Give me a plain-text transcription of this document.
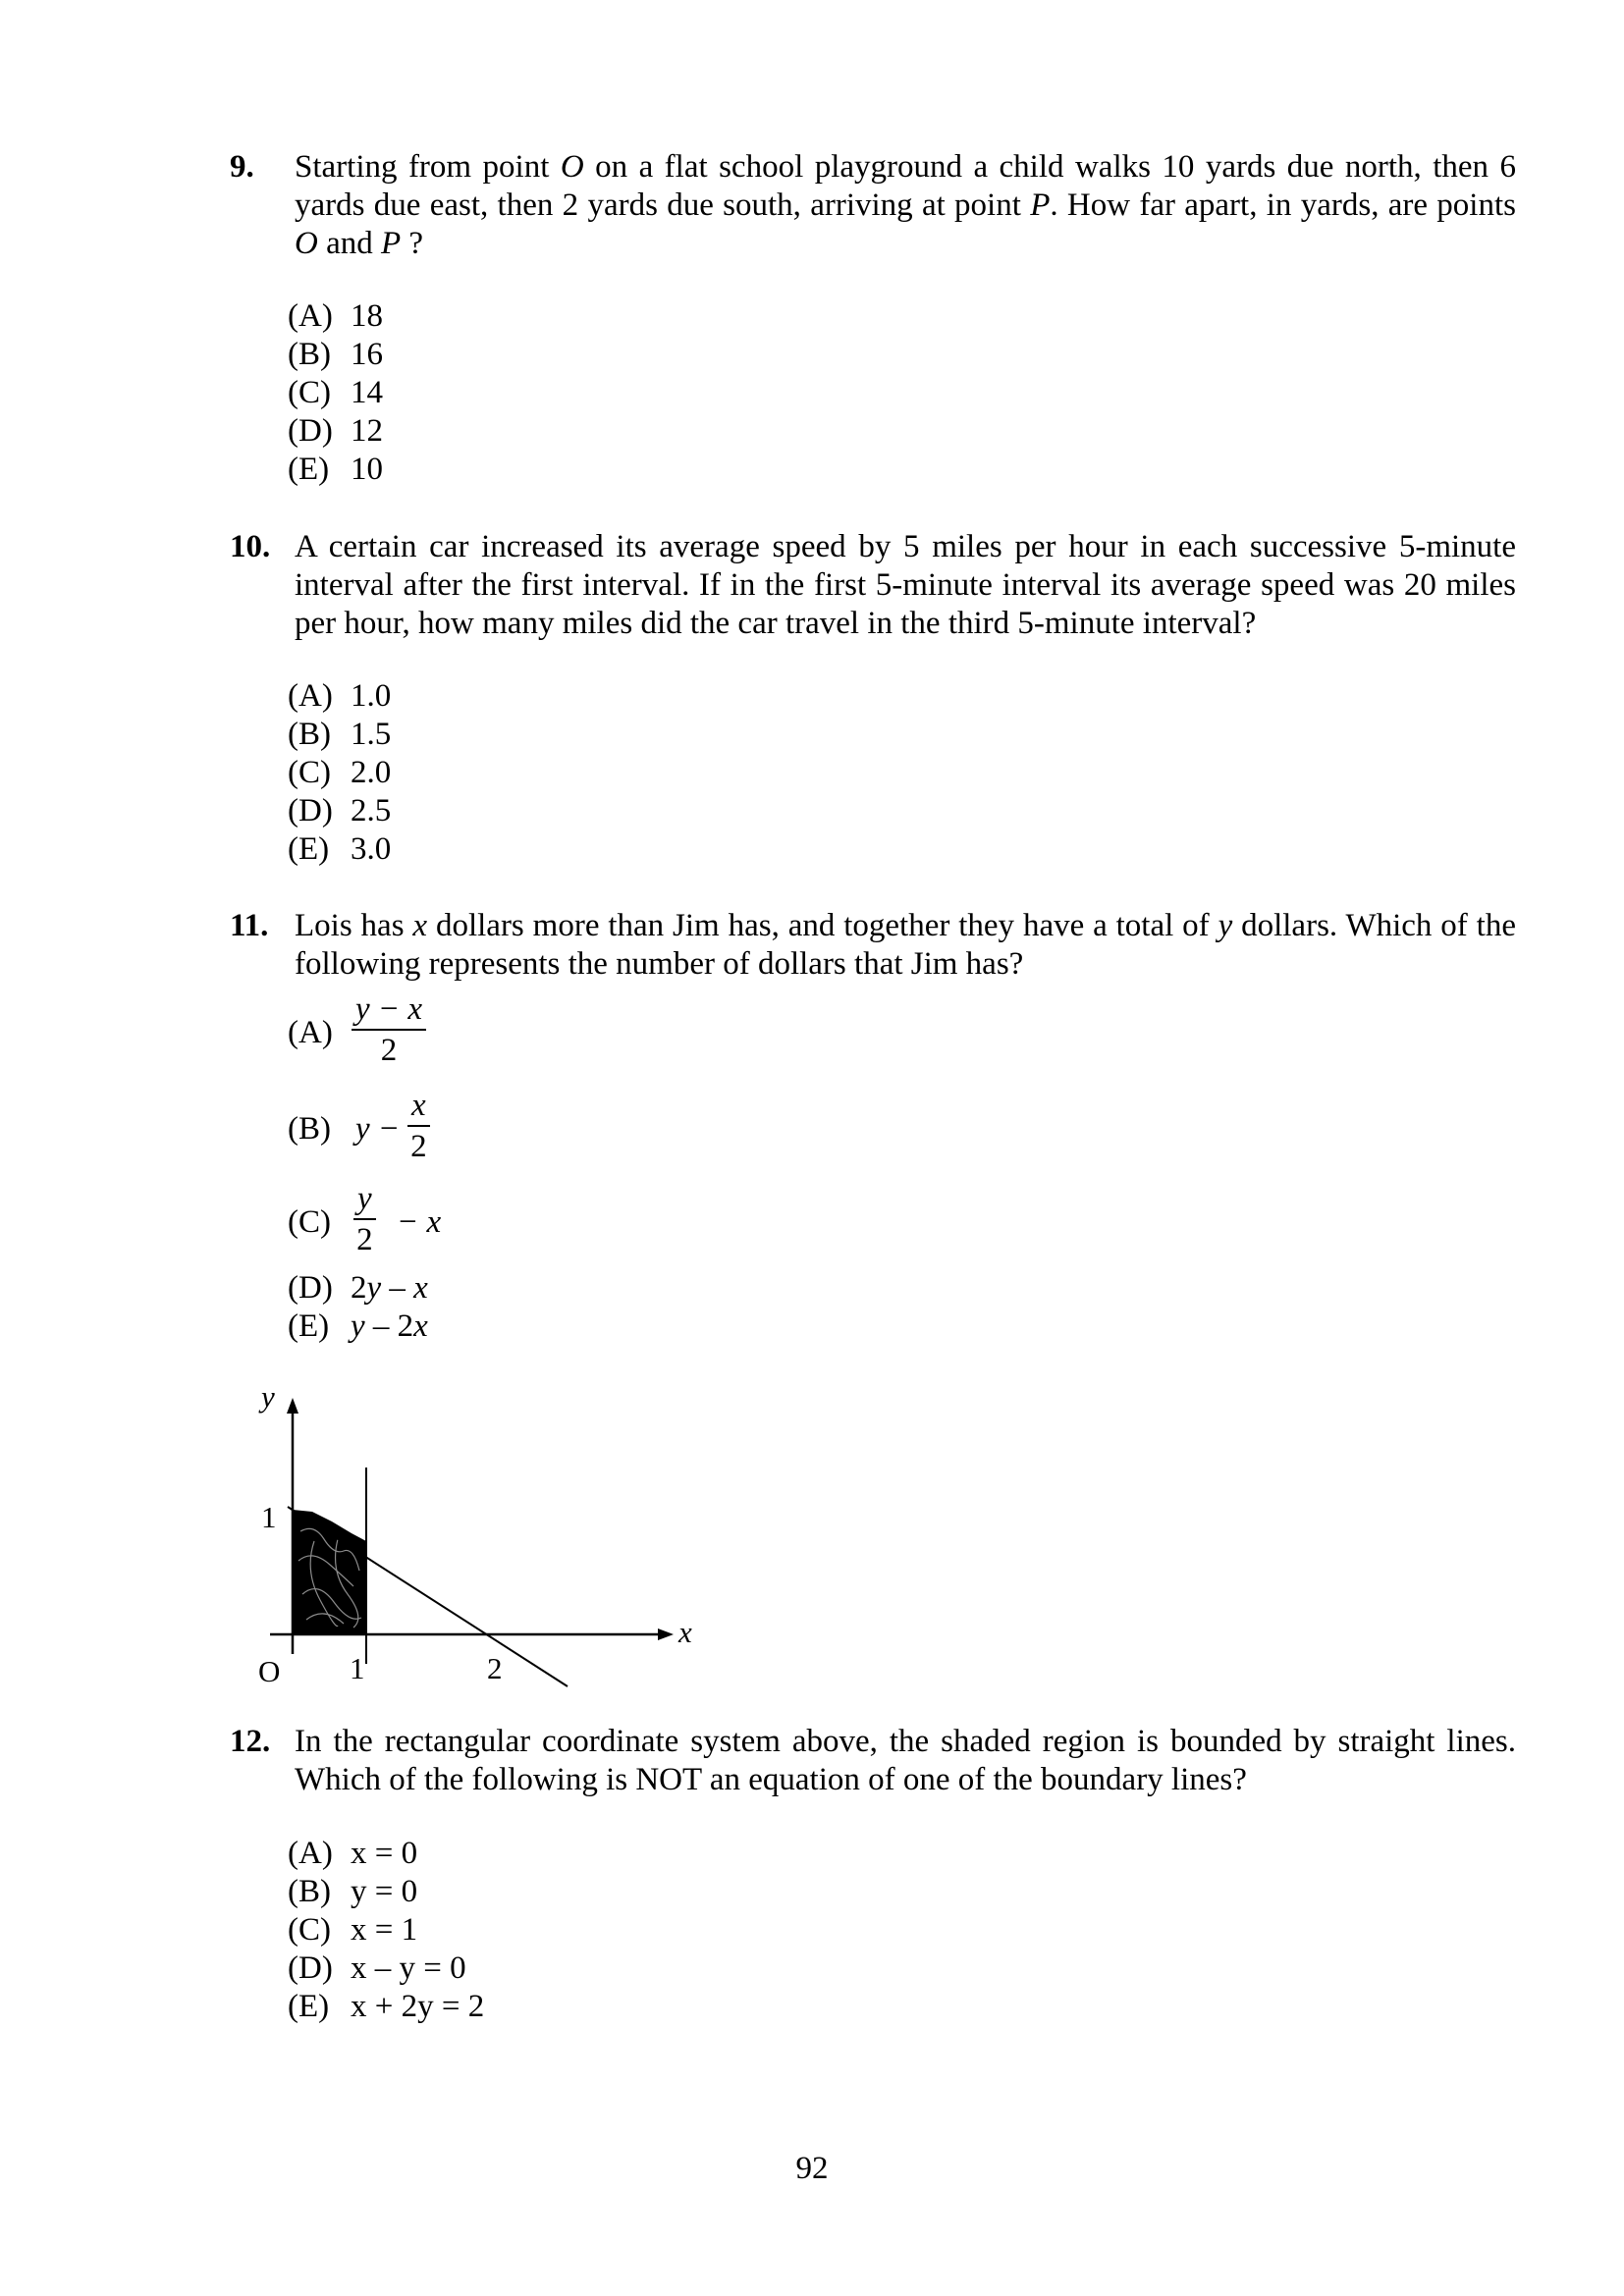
9. Starting from point O on a flat school playground a child walks 10 yards due north, then 6 yards due east, then 2 yards due south, arriving at point P. How far apart, in yards, are points O and P ?
(A) 18
(B) 16
(C) 14
(D) 12
(E) 10
10. A certain car increased its average speed by 5 miles per hour in each successive 5-minute interval after the first interval. If in the first 5-minute interval its average speed was 20 miles per hour, how many miles did the car travel in the third 5-minute interval?
(A) 1.0
(B) 1.5
(C) 2.0
(D) 2.5
(E) 3.0
11. Lois has x dollars more than Jim has, and together they have a total of y dollars. Which of the following represents the number of dollars that Jim has?
$(A) \frac{y - x}{2}$
(B) $y - \frac{x}{2}$
$(C) \frac{y}{2} - x$
(D) 2y – x
(E) y – 2x
y
x
O
1
1	2
12. In the rectangular coordinate system above, the shaded region is bounded by straight lines. Which of the following is NOT an equation of one of the boundary lines?
(A) x = 0
(B) y = 0
(C) x = 1
(D) x – y = 0
(E) x + 2y = 2
92
